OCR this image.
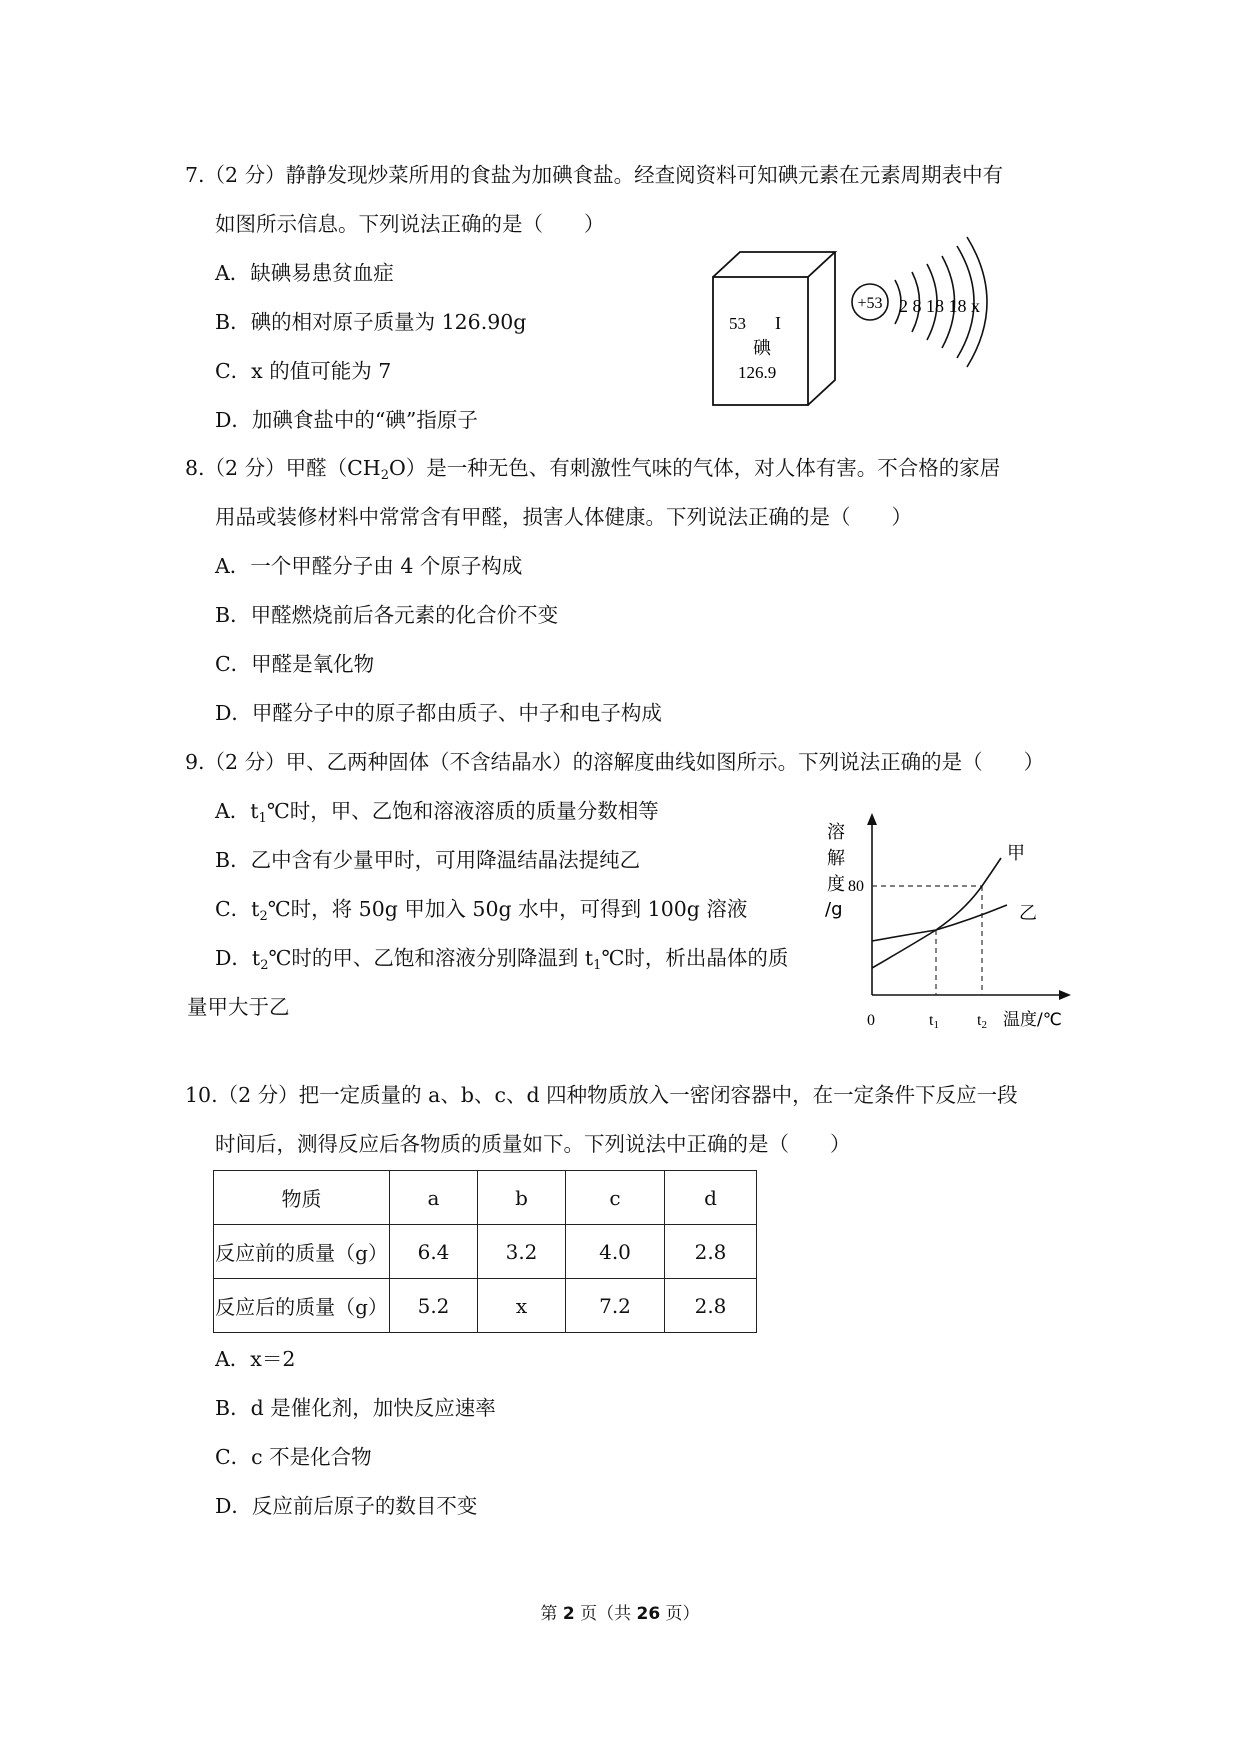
7.（2 分）静静发现炒菜所用的食盐为加碘食盐。经查阅资料可知碘元素在元素周期表中有
如图所示信息。下列说法正确的是（　　）
A．缺碘易患贫血症
B．碘的相对原子质量为 126.90g
C．x 的值可能为 7
D．加碘食盐中的“碘”指原子
53 I
碘
126.9
+53 2 8 18 18 x
8.（2 分）甲醛$(CH_2O)$是一种无色、有刺激性气味的气体，对人体有害。不合格的家居
用品或装修材料中常常含有甲醛，损害人体健康。下列说法正确的是（　　）
A．一个甲醛分子由 4 个原子构成
B．甲醛燃烧前后各元素的化合价不变
C．甲醛是氧化物
D．甲醛分子中的原子都由质子、中子和电子构成
9.（2 分）甲、乙两种固体（不含结晶水）的溶解度曲线如图所示。下列说法正确的是（　　）
A．$t_1℃$时，甲、乙饱和溶液溶质的质量分数相等
B．乙中含有少量甲时，可用降温结晶法提纯乙
C．$t_2℃$时，将 50g 甲加入 50g 水中，可得到 100g 溶液
D．$t_2℃$时的甲、乙饱和溶液分别降温到 $t_1℃$时，析出晶体的质
量甲大于乙
溶
解
度
/g
80
甲
乙
0	t1 t2 温度/℃
10.（2 分）把一定质量的 a、b、c、d 四种物质放入一密闭容器中，在一定条件下反应一段
时间后，测得反应后各物质的质量如下。下列说法中正确的是（　　）
物质	a	b	c	d
反应前的质量（g）	6.4	3.2	4.0	2.8
反应后的质量（g）	5.2	x	7.2	2.8
A．x＝2
B．d 是催化剂，加快反应速率
C．c 不是化合物
D．反应前后原子的数目不变
第 2 页（共 26 页）
